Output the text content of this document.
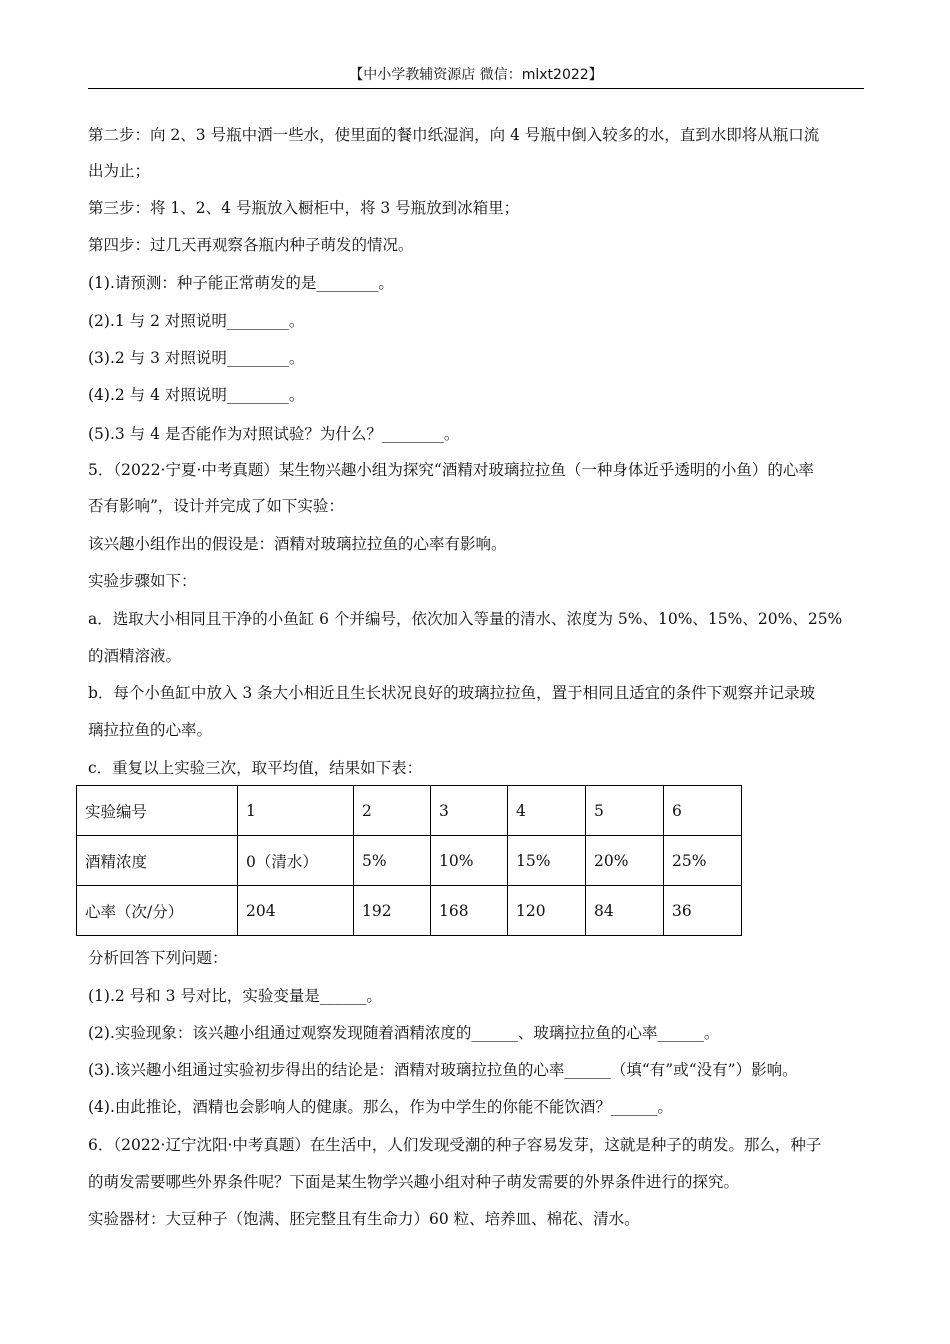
【中小学教辅资源店 微信：mlxt2022】
第二步：向 2、3 号瓶中洒一些水，使里面的餐巾纸湿润，向 4 号瓶中倒入较多的水，直到水即将从瓶口流
出为止；
第三步：将 1、2、4 号瓶放入橱柜中，将 3 号瓶放到冰箱里；
第四步：过几天再观察各瓶内种子萌发的情况。
(1).请预测：种子能正常萌发的是________。
(2).1 与 2 对照说明________。
(3).2 与 3 对照说明________。
(4).2 与 4 对照说明________。
(5).3 与 4 是否能作为对照试验？为什么？________。
5．（2022·宁夏·中考真题）某生物兴趣小组为探究“酒精对玻璃拉拉鱼（一种身体近乎透明的小鱼）的心率
否有影响”，设计并完成了如下实验：
该兴趣小组作出的假设是：酒精对玻璃拉拉鱼的心率有影响。
实验步骤如下：
a．选取大小相同且干净的小鱼缸 6 个并编号，依次加入等量的清水、浓度为 5%、10%、15%、20%、25%
的酒精溶液。
b．每个小鱼缸中放入 3 条大小相近且生长状况良好的玻璃拉拉鱼，置于相同且适宜的条件下观察并记录玻
璃拉拉鱼的心率。
c．重复以上实验三次，取平均值，结果如下表：
实验编号	1	2	3	4	5	6
酒精浓度	0（清水）	5%	10%	15%	20%	25%
心率（次/分）	204	192	168	120	84	36
分析回答下列问题：
(1).2 号和 3 号对比，实验变量是______。
(2).实验现象：该兴趣小组通过观察发现随着酒精浓度的______、玻璃拉拉鱼的心率______。
(3).该兴趣小组通过实验初步得出的结论是：酒精对玻璃拉拉鱼的心率______（填“有”或“没有”）影响。
(4).由此推论，酒精也会影响人的健康。那么，作为中学生的你能不能饮酒？______。
6．（2022·辽宁沈阳·中考真题）在生活中，人们发现受潮的种子容易发芽，这就是种子的萌发。那么，种子
的萌发需要哪些外界条件呢？下面是某生物学兴趣小组对种子萌发需要的外界条件进行的探究。
实验器材：大豆种子（饱满、胚完整且有生命力）60 粒、培养皿、棉花、清水。
